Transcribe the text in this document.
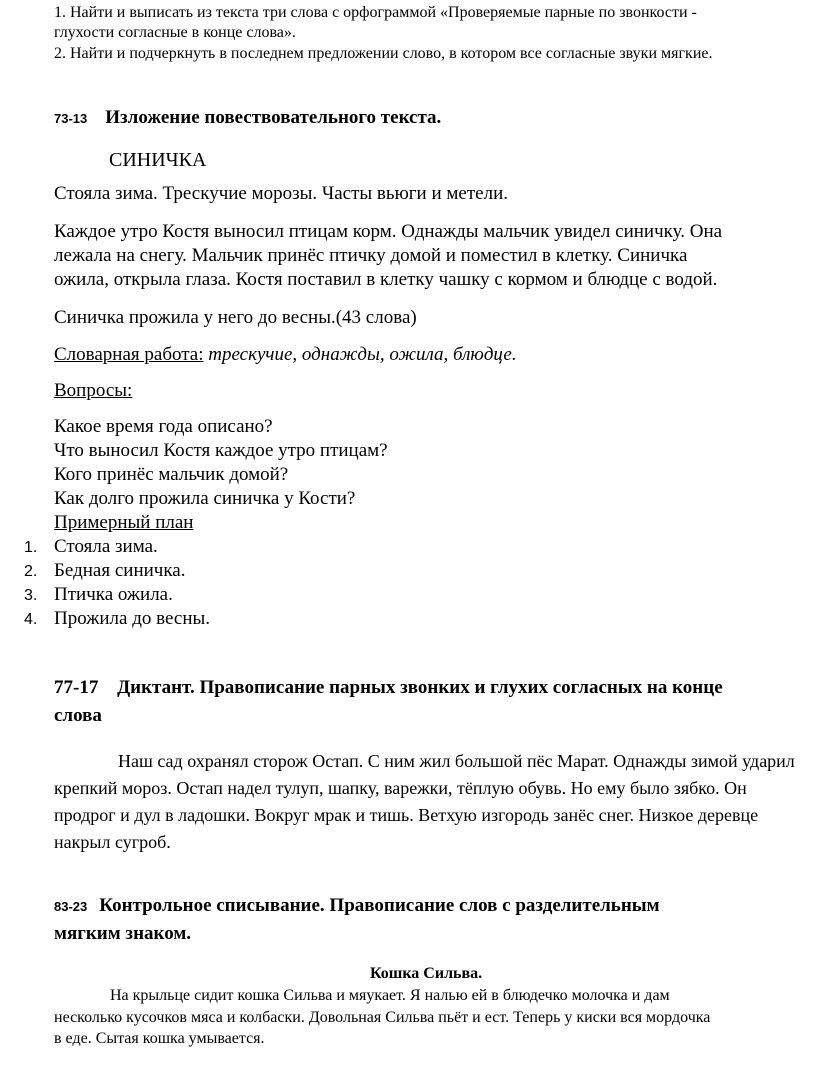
1. Найти и выписать из текста три слова с орфограммой «Проверяемые парные по звонкости -
глухости согласные в конце слова».
2. Найти и подчеркнуть в последнем предложении слово, в котором все согласные звуки мягкие.
73-13 Изложение повествовательного текста.
СИНИЧКА
Стояла зима. Трескучие морозы. Часты вьюги и метели.
Каждое утро Костя выносил птицам корм. Однажды мальчик увидел синичку. Она
лежала на снегу. Мальчик принёс птичку домой и поместил в клетку. Синичка
ожила, открыла глаза. Костя поставил в клетку чашку с кормом и блюдце с водой.
Синичка прожила у него до весны.(43 слова)
Словарная работа: трескучие, однажды, ожила, блюдце.
Вопросы:
Какое время года описано?
Что выносил Костя каждое утро птицам?
Кого принёс мальчик домой?
Как долго прожила синичка у Кости?
Примерный план
1. Стояла зима.
2. Бедная синичка.
3. Птичка ожила.
4. Прожила до весны.
77-17 Диктант. Правописание парных звонких и глухих согласных на конце
слова
Наш сад охранял сторож Остап. С ним жил большой пёс Марат. Однажды зимой ударил
крепкий мороз. Остап надел тулуп, шапку, варежки, тёплую обувь. Но ему было зябко. Он
продрог и дул в ладошки. Вокруг мрак и тишь. Ветхую изгородь занёс снег. Низкое деревце
накрыл сугроб.
83-23 Контрольное списывание. Правописание слов с разделительным
мягким знаком.
Кошка Сильва.
На крыльце сидит кошка Сильва и мяукает. Я налью ей в блюдечко молочка и дам
несколько кусочков мяса и колбаски. Довольная Сильва пьёт и ест. Теперь у киски вся мордочка
в еде. Сытая кошка умывается.
